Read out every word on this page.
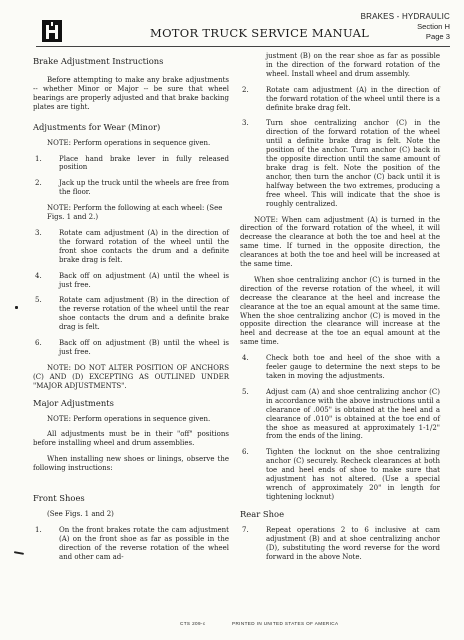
MOTOR TRUCK SERVICE MANUAL
BRAKES - HYDRAULIC
Section H
Page 3
Brake Adjustment Instructions
Before attempting to make any brake adjustments -- whether Minor or Major -- be sure that wheel bearings are properly adjusted and that brake backing plates are tight.
Adjustments for Wear (Minor)
NOTE: Perform operations in sequence given.
1. Place hand brake lever in fully released position
2. Jack up the truck until the wheels are free from the floor.
NOTE: Perform the following at each wheel: (See Figs. 1 and 2.)
3. Rotate cam adjustment (A) in the direction of the forward rotation of the wheel until the front shoe contacts the drum and a definite brake drag is felt.
4. Back off on adjustment (A) until the wheel is just free.
5. Rotate cam adjustment (B) in the direction of the reverse rotation of the wheel until the rear shoe contacts the drum and a definite brake drag is felt.
6. Back off on adjustment (B) until the wheel is just free.
NOTE: DO NOT ALTER POSITION OF ANCHORS (C) AND (D) EXCEPTING AS OUTLINED UNDER "MAJOR ADJUSTMENTS".
Major Adjustments
NOTE: Perform operations in sequence given.
All adjustments must be in their "off" positions before installing wheel and drum assemblies.
When installing new shoes or linings, observe the following instructions:
Front Shoes
(See Figs. 1 and 2)
1. On the front brakes rotate the cam adjustment (A) on the front shoe as far as possible in the direction of the reverse rotation of the wheel and other cam ad-
justment (B) on the rear shoe as far as possible in the direction of the forward rotation of the wheel. Install wheel and drum assembly.
2. Rotate cam adjustment (A) in the direction of the forward rotation of the wheel until there is a definite brake drag felt.
3. Turn shoe centralizing anchor (C) in the direction of the forward rotation of the wheel until a definite brake drag is felt. Note the position of the anchor. Turn anchor (C) back in the opposite direction until the same amount of brake drag is felt. Note the position of the anchor, then turn the anchor (C) back until it is halfway between the two extremes, producing a free wheel. This will indicate that the shoe is roughly centralized.
NOTE: When cam adjustment (A) is turned in the direction of the forward rotation of the wheel, it will decrease the clearance at both the toe and heel at the same time. If turned in the opposite direction, the clearances at both the toe and heel will be increased at the same time.
When shoe centralizing anchor (C) is turned in the direction of the reverse rotation of the wheel, it will decrease the clearance at the heel and increase the clearance at the toe an equal amount at the same time. When the shoe centralizing anchor (C) is moved in the opposite direction the clearance will increase at the heel and decrease at the toe an equal amount at the same time.
4. Check both toe and heel of the shoe with a feeler gauge to determine the next steps to be taken in moving the adjustments.
5. Adjust cam (A) and shoe centralizing anchor (C) in accordance with the above instructions until a clearance of .005" is obtained at the heel and a clearance of .010" is obtained at the toe end of the shoe as measured at approximately 1-1/2" from the ends of the lining.
6. Tighten the locknut on the shoe centralizing anchor (C) securely. Recheck clearances at both toe and heel ends of shoe to make sure that adjustment has not altered. (Use a special wrench of approximately 20" in length for tightening locknut)
Rear Shoe
7. Repeat operations 2 to 6 inclusive at cam adjustment (B) and at shoe centralizing anchor (D), substituting the word reverse for the word forward in the above Note.
CTS 209-c	PRINTED IN UNITED STATES OF AMERICA
